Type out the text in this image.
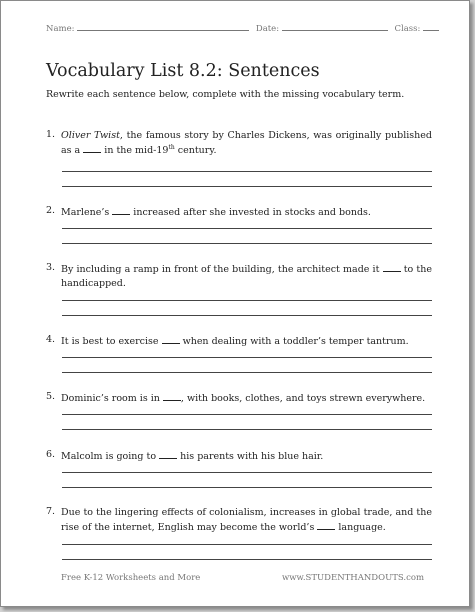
Name:	Date:	Class:
Vocabulary List 8.2: Sentences
Rewrite each sentence below, complete with the missing vocabulary term.
1. Oliver Twist, the famous story by Charles Dickens, was originally published as a	in the mid-19th century.
2. Marlene’s	increased after she invested in stocks and bonds.
3. By including a ramp in front of the building, the architect made it	to the handicapped.
4. It is best to exercise	when dealing with a toddler’s temper tantrum.
5. Dominic’s room is in , with books, clothes, and toys strewn everywhere.
6. Malcolm is going to	his parents with his blue hair.
7. Due to the lingering effects of colonialism, increases in global trade, and the rise of the internet, English may become the world’s	language.
Free K-12 Worksheets and More	www.STUDENTHANDOUTS.com
